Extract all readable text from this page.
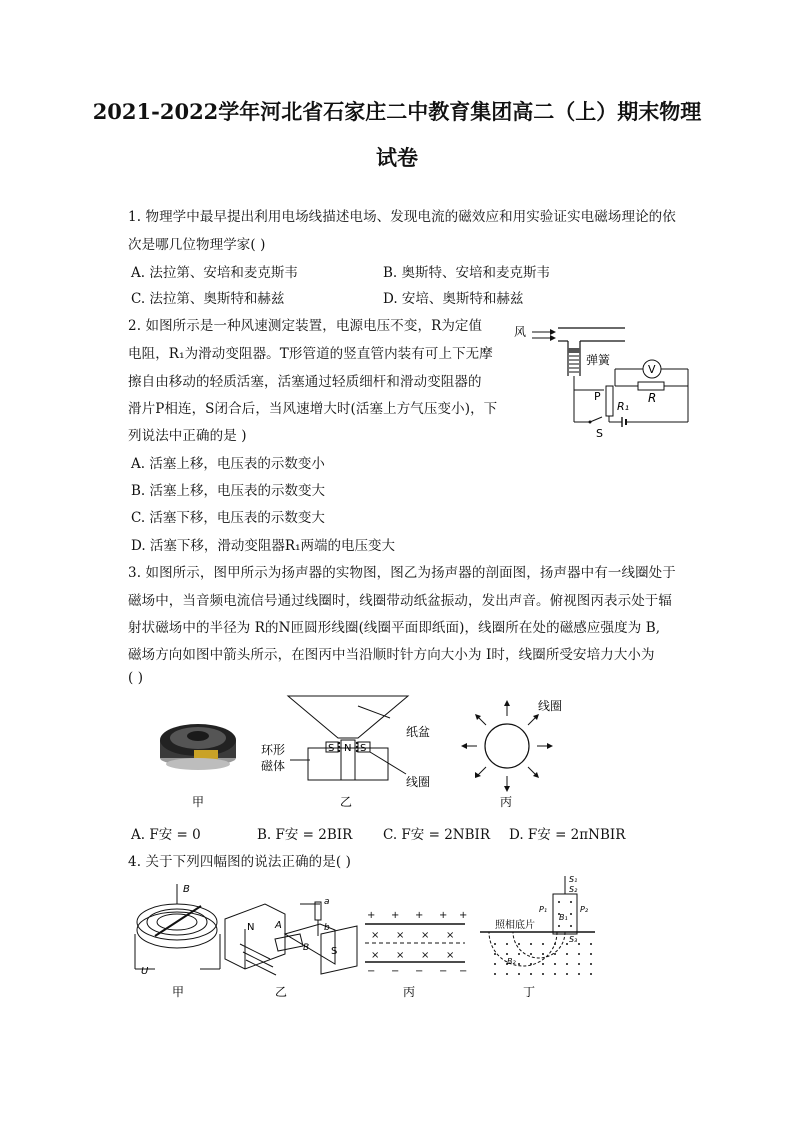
2021-2022学年河北省石家庄二中教育集团高二（上）期末物理
试卷
1. 物理学中最早提出利用电场线描述电场、发现电流的磁效应和用实验证实电磁场理论的依
次是哪几位物理学家( )
A. 法拉第、安培和麦克斯韦	B. 奥斯特、安培和麦克斯韦
C. 法拉第、奥斯特和赫兹	D. 安培、奥斯特和赫兹
2. 如图所示是一种风速测定装置，电源电压不变，R为定值
电阻，R₁为滑动变阻器。T形管道的竖直管内装有可上下无摩
擦自由移动的轻质活塞，活塞通过轻质细杆和滑动变阻器的
滑片P相连，S闭合后，当风速增大时(活塞上方气压变小)，下
列说法中正确的是 )
A. 活塞上移，电压表的示数变小
B. 活塞上移，电压表的示数变大
C. 活塞下移，电压表的示数变大
D. 活塞下移，滑动变阻器R₁两端的电压变大
风
弹簧
V
R
P
R₁
S
3. 如图所示，图甲所示为扬声器的实物图，图乙为扬声器的剖面图，扬声器中有一线圈处于
磁场中，当音频电流信号通过线圈时，线圈带动纸盆振动，发出声音。俯视图丙表示处于辐
射状磁场中的半径为 R的N匝圆形线圈(线圈平面即纸面)，线圈所在处的磁感应强度为 B,
磁场方向如图中箭头所示，在图丙中当沿顺时针方向大小为 I时，线圈所受安培力大小为
( )
甲
S N S
纸盆
环形
磁体
线圈
乙
线圈
丙
A. F安 = 0	B. F安 = 2BIR C. F安 = 2NBIR D. F安 = 2πNBIR
4. 关于下列四幅图的说法正确的是( )
B
U
甲
N A
a
b
B S
乙
+ + + + +
× × × ×
× × × ×
− − − − −
丙
照相底片
P₁	P₂
B₁
S₁
S₂
S₃
B₂
丁
